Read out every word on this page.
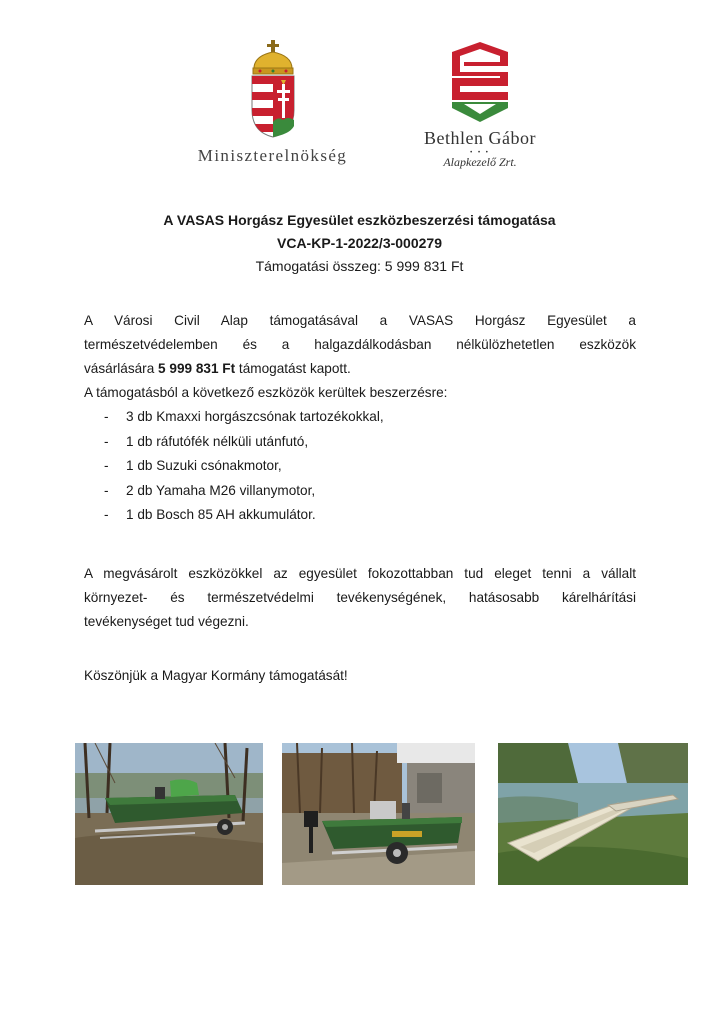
Miniszterelnökség
Bethlen Gábor
• • •
Alapkezelő Zrt.
A VASAS Horgász Egyesület eszközbeszerzési támogatása
VCA-KP-1-2022/3-000279
Támogatási összeg: 5 999 831 Ft
A Városi Civil Alap támogatásával a VASAS Horgász Egyesület a
természetvédelemben és a halgazdálkodásban nélkülözhetetlen eszközök
vásárlására 5 999 831 Ft támogatást kapott.
A támogatásból a következő eszközök kerültek beszerzésre:
- 3 db Kmaxxi horgászcsónak tartozékokkal,
- 1 db ráfutófék nélküli utánfutó,
- 1 db Suzuki csónakmotor,
- 2 db Yamaha M26 villanymotor,
- 1 db Bosch 85 AH akkumulátor.
A megvásárolt eszközökkel az egyesület fokozottabban tud eleget tenni a vállalt
környezet- és természetvédelmi tevékenységének, hatásosabb kárelhárítási
tevékenységet tud végezni.
Köszönjük a Magyar Kormány támogatását!
